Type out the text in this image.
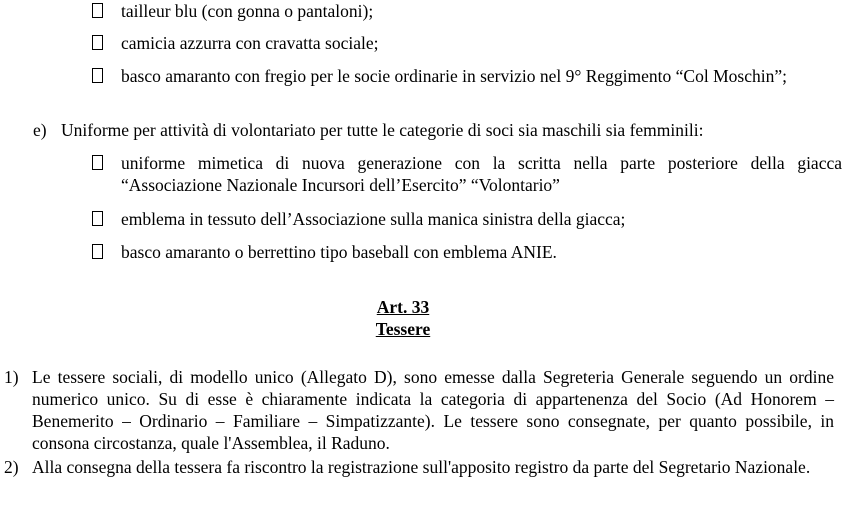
tailleur blu (con gonna o pantaloni);
camicia azzurra con cravatta sociale;
basco amaranto con fregio per le socie ordinarie in servizio nel 9° Reggimento “Col Moschin”;
e) Uniforme per attività di volontariato per tutte le categorie di soci sia maschili sia femminili:
uniforme mimetica di nuova generazione con la scritta nella parte posteriore della giacca “Associazione Nazionale Incursori dell’Esercito” “Volontario”
emblema in tessuto dell’Associazione sulla manica sinistra della giacca;
basco amaranto o berrettino tipo baseball con emblema ANIE.
Art. 33
Tessere
1) Le tessere sociali, di modello unico (Allegato D), sono emesse dalla Segreteria Generale seguendo un ordine numerico unico. Su di esse è chiaramente indicata la categoria di appartenenza del Socio (Ad Honorem – Benemerito – Ordinario – Familiare – Simpatizzante). Le tessere sono consegnate, per quanto possibile, in consona circostanza, quale l'Assemblea, il Raduno.
2) Alla consegna della tessera fa riscontro la registrazione sull'apposito registro da parte del Segretario Nazionale.
